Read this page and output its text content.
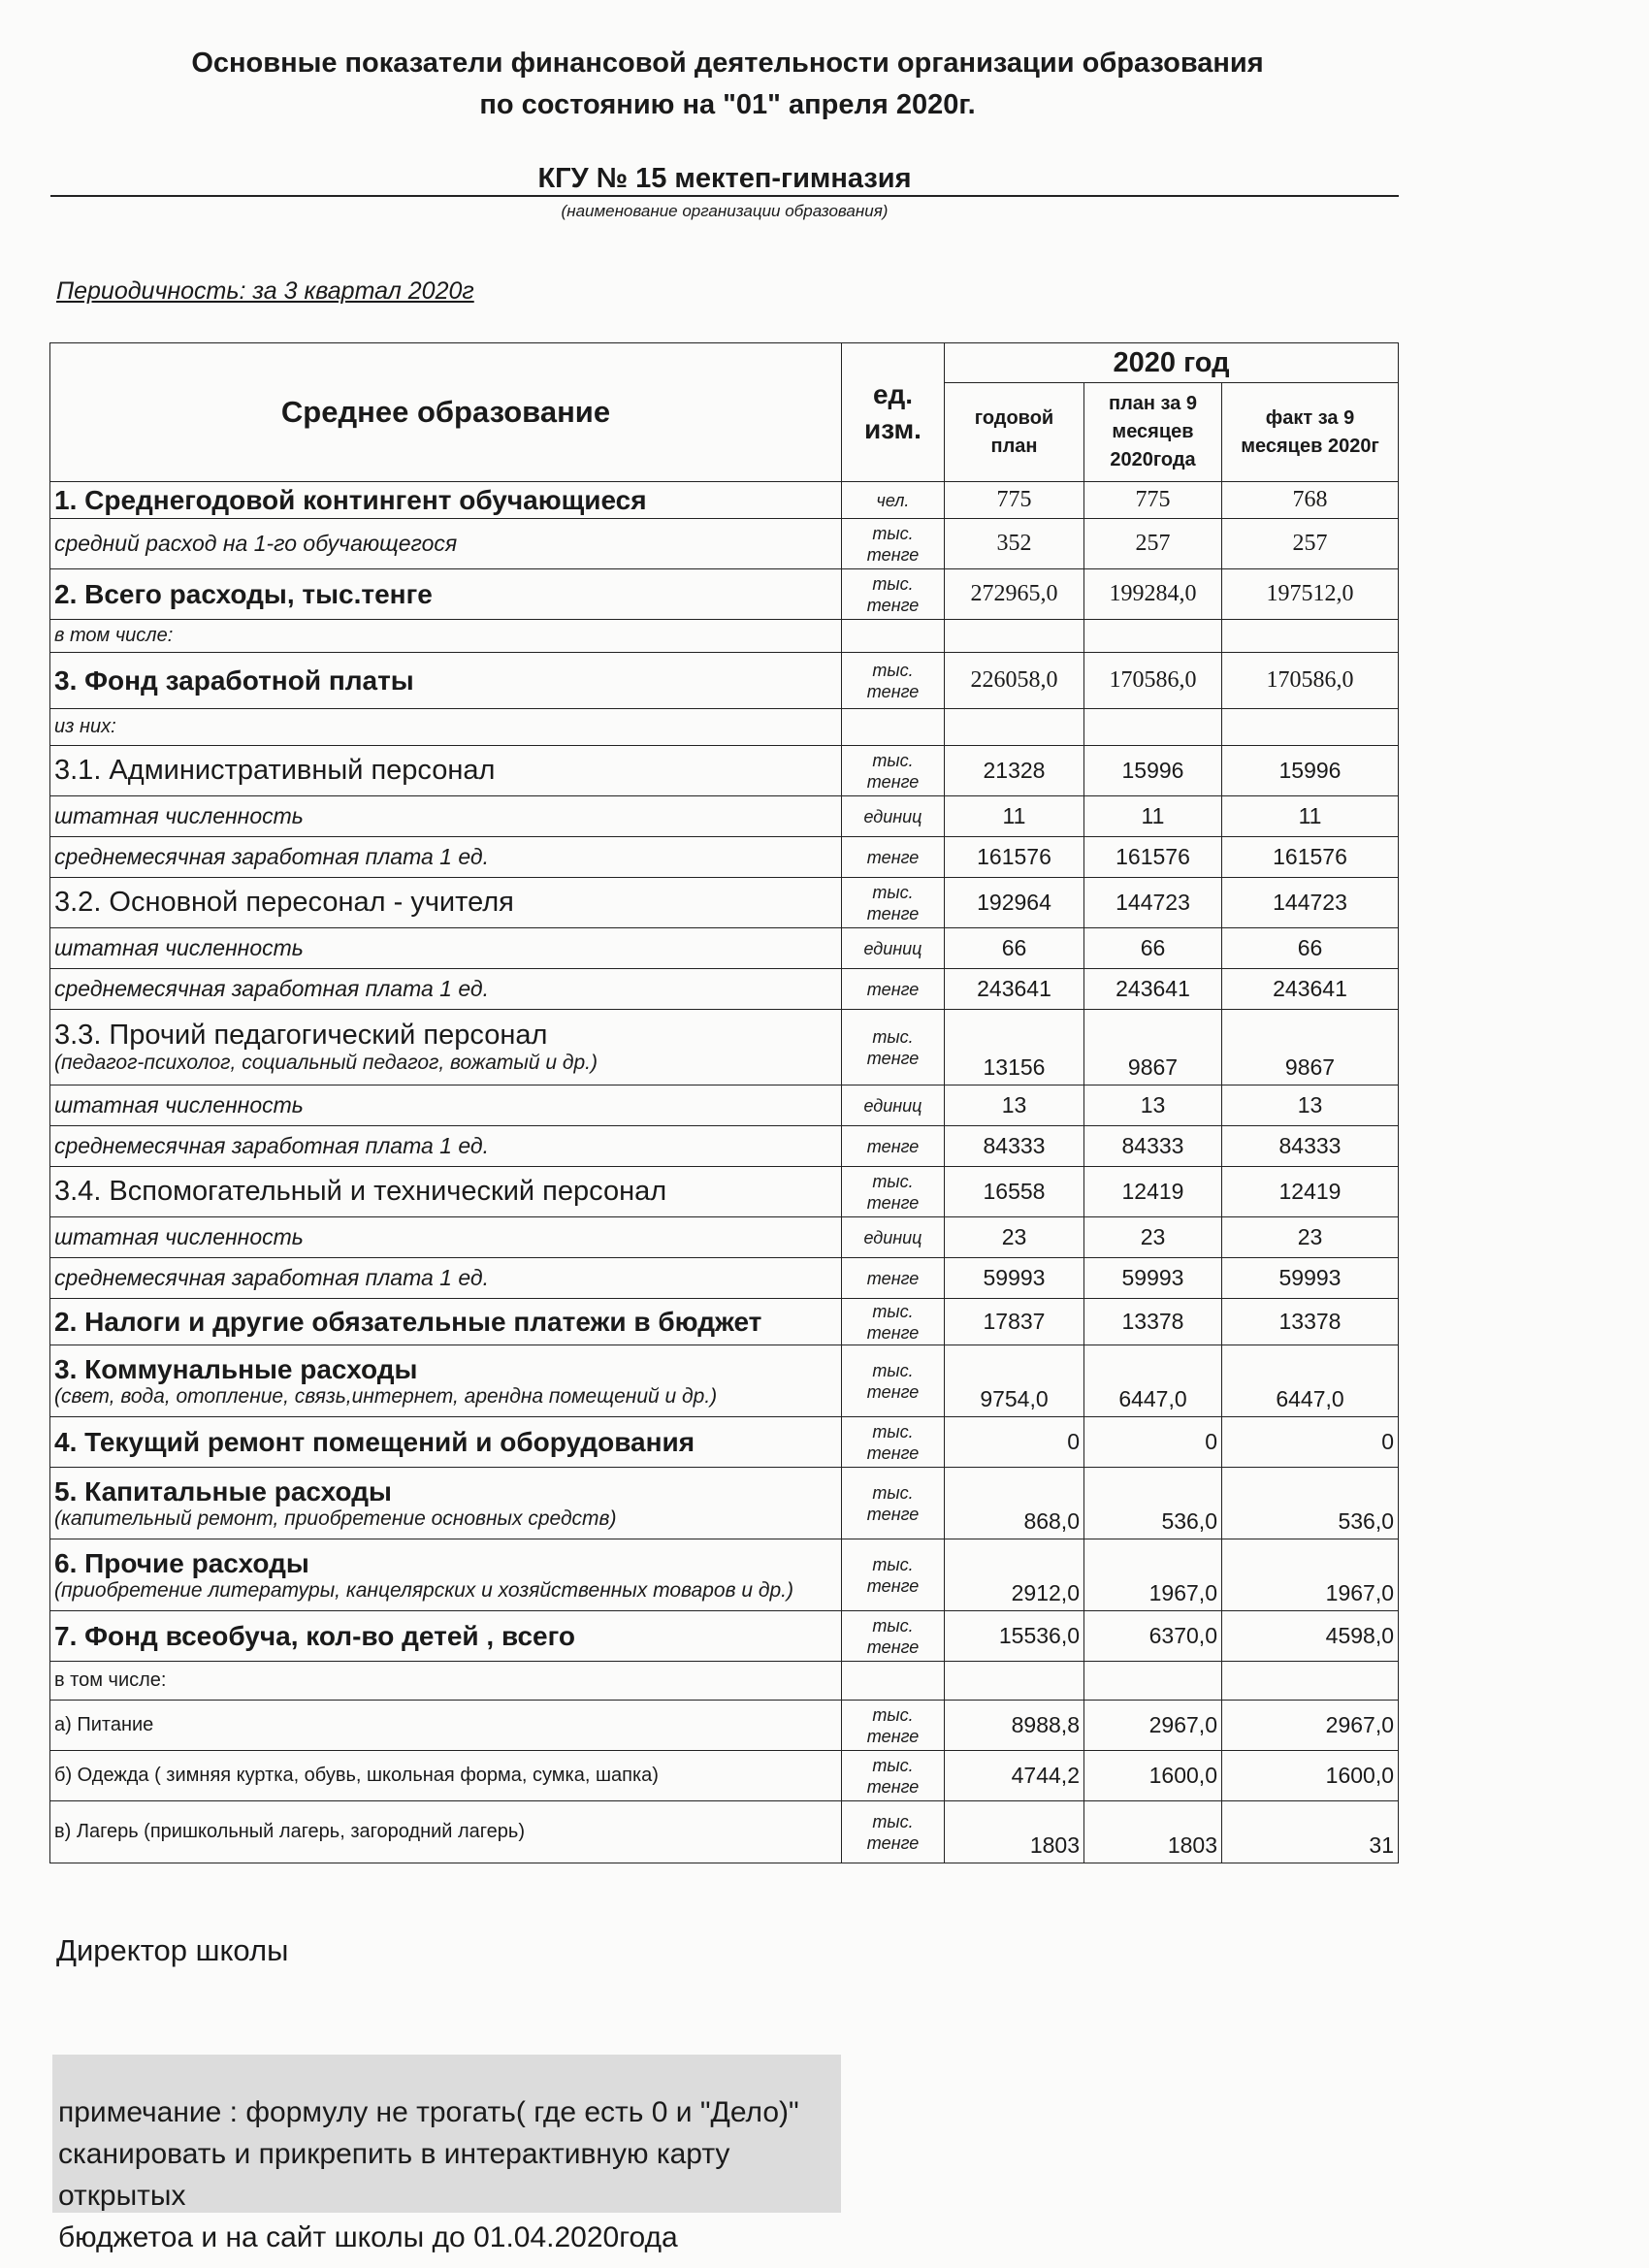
Основные показатели финансовой деятельности организации образования
по состоянию на "01" апреля 2020г.
КГУ № 15 мектеп-гимназия
(наименование организации образования)
Периодичность: за 3 квартал 2020г
Среднее образование	ед. изм.	2020 год		
		годовой план	план за 9 месяцев 2020года	факт за 9 месяцев 2020г

1. Среднегодовой контингент обучающиеся	чел.	775	775	768

средний расход на 1-го обучающегося	тыс. тенге	352	257	257

2. Всего расходы, тыс.тенге	тыс. тенге	272965,0	199284,0	197512,0

в том числе:				

3. Фонд заработной платы	тыс. тенге	226058,0	170586,0	170586,0

из них:				

3.1. Административный персонал	тыс. тенге	21328	15996	15996

штатная численность	единиц	11	11	11

среднемесячная заработная плата 1 ед.	тенге	161576	161576	161576

3.2. Основной пересонал - учителя	тыс. тенге	192964	144723	144723

штатная численность	единиц	66	66	66

среднемесячная заработная плата 1 ед.	тенге	243641	243641	243641

3.3. Прочий педагогический персонал
(педагог-психолог, социальный педагог, вожатый и др.)	тыс. тенге	13156	9867	9867

штатная численность	единиц	13	13	13

среднемесячная заработная плата 1 ед.	тенге	84333	84333	84333

3.4. Вспомогательный и технический персонал	тыс. тенге	16558	12419	12419

штатная численность	единиц	23	23	23

среднемесячная заработная плата 1 ед.	тенге	59993	59993	59993

2. Налоги и другие обязательные платежи в бюджет	тыс. тенге	17837	13378	13378

3. Коммунальные расходы
(свет, вода, отопление, связь,интернет, арендна помещений и др.)	тыс. тенге	9754,0	6447,0	6447,0

4. Текущий ремонт помещений и оборудования	тыс. тенге	0	0	0

5. Капитальные расходы
(капительный ремонт, приобретение основных средств)	тыс. тенге	868,0	536,0	536,0

6. Прочие расходы
(приобретение литературы, канцелярских и хозяйственных товаров и др.)	тыс. тенге	2912,0	1967,0	1967,0

7. Фонд всеобуча, кол-во детей , всего	тыс. тенге	15536,0	6370,0	4598,0

в том числе:				

а) Питание	тыс. тенге	8988,8	2967,0	2967,0

б) Одежда ( зимняя куртка, обувь, школьная форма, сумка, шапка)	тыс. тенге	4744,2	1600,0	1600,0

в) Лагерь (пришкольный лагерь, загородний лагерь)	тыс. тенге	1803	1803	31
Директор школы
примечание : формулу не трогать( где есть 0 и "Дело)"
сканировать и прикрепить в интерактивную карту открытых
бюджетоа и на сайт школы до 01.04.2020года
